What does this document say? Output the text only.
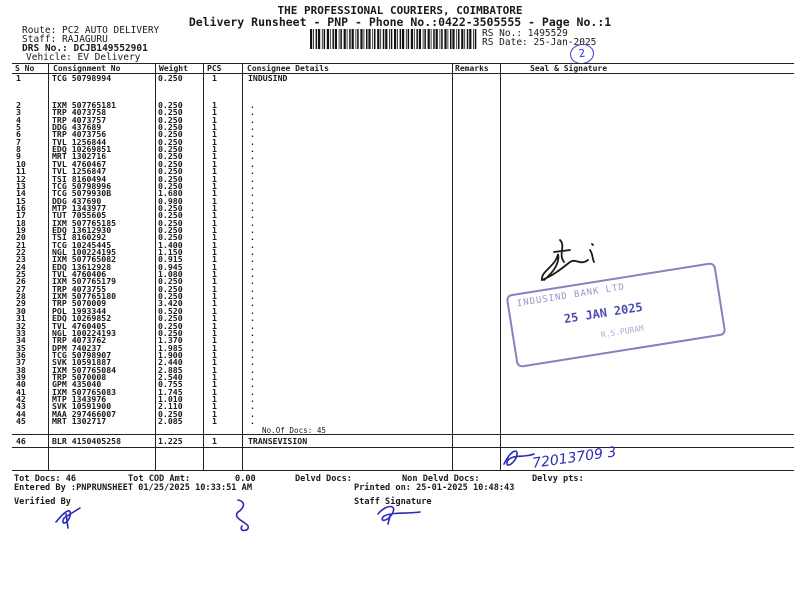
THE PROFESSIONAL COURIERS, COIMBATORE
Delivery Runsheet - PNP - Phone No.:0422-3505555 - Page No.:1
Route: PC2 AUTO DELIVERY
Staff: RAJAGURU
DRS No.: DCJB149552901
Vehicle: EV Delivery
RS No.: 1495529
RS Date: 25-Jan-2025
2
S No Consignment No	Weight PCS	Consignee Details	Remarks	Seal & Signature
1	TCG 50798994	0.250	1	INDUSIND
2	IXM 507765181	0.250	1	.
3	TRP 4073758	0.250	1	.
4	TRP 4073757	0.250	1	.
5	DDG 437689	0.250	1	.
6	TRP 4073756	0.250	1	.
7	TVL 1256844	0.250	1	.
8	EDQ 10269851	0.250	1	.
9	MRT 1302716	0.250	1	.
10	TVL 4760467	0.250	1	.
11	TVL 1256847	0.250	1	.
12	TSI 8160494	0.250	1	.
13	TCG 50798996	0.250	1	.
14	TCG 5079930B	1.680	1	.
15	DDG 437690	0.980	1	.
16	MTP 1343977	0.250	1	.
17	TUT 7055605	0.250	1	.
18	IXM 507765185	0.250	1	.
19	EDQ 13612930	0.250	1	.
20	TSI 8160292	0.250	1	.
21	TCG 10245445	1.400	1	.
22	NGL 100224195	1.150	1	.
23	IXM 507765082	0.915	1	.
24	EDQ 13612928	0.945	1	.
25	TVL 4760406	1.080	1	.
26	IXM 507765179	0.250	1	.
27	TRP 4073755	0.250	1	.
28	IXM 507765180	0.250	1	.
29	TRP 5070009	3.420	1	.
30	POL 1993344	0.520	1	.
31	EDQ 10269852	0.250	1	.
32	TVL 4760405	0.250	1	.
33	NGL 100224193	0.250	1	.
34	TRP 4073762	1.370	1	.
35	DPM 740237	1.985	1	.
36	TCG 50798907	1.900	1	.
37	SVK 10591887	2.440	1	.
38	IXM 507765084	2.885	1	.
39	TRP 5070008	2.540	1	.
40	GPM 435040	0.755	1	.
41	IXM 507765083	1.745	1	.
42	MTP 1343976	1.010	1	.
43	SVK 10591900	2.110	1	.
44	MAA 297466007	0.250	1	.
45	MRT 1302717	2.085	1	.
No.Of Docs: 45
46	BLR 4150405258	1.225	1	TRANSEVISION
INDUSIND BANK LTD
25 JAN 2025
R.S.PURAM
72013709 3
Tot Docs: 46	Tot COD Amt:	0.00	Delvd Docs:	Non Delvd Docs:	Delvy pts:
Entered By :PNPRUNSHEET 01/25/2025 10:33:51 AM	Printed on: 25-01-2025 10:48:43
Verified By	Staff Signature
